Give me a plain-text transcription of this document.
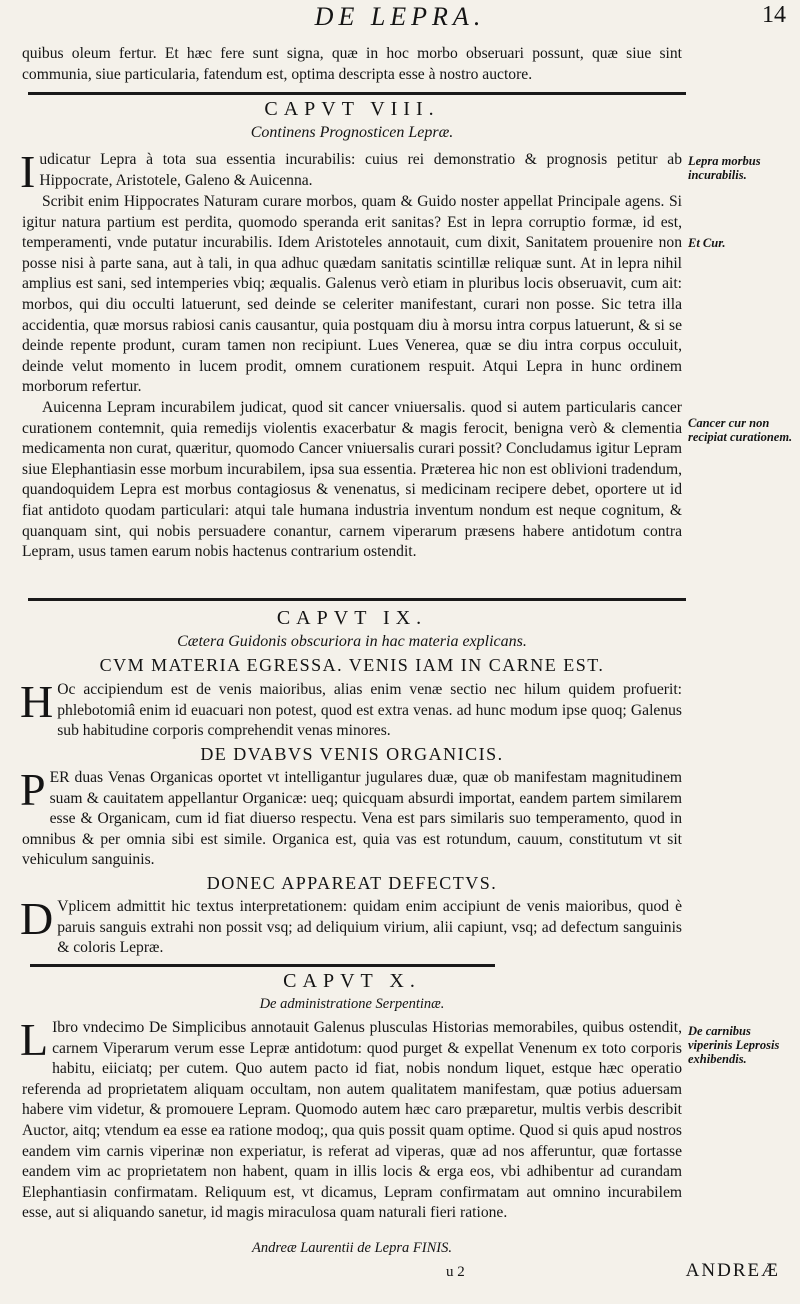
DE LEPRA.	14

quibus oleum fertur. Et hæc fere sunt signa, quæ in hoc morbo obseruari possunt, quæ siue sint communia, siue particularia, fatendum est, optima descripta esse à nostro auctore.

CAPVT VIII.
Continens Prognosticen Lepræ.

Iudicatur Lepra à tota sua essentia incurabilis: cuius rei demonstratio & prognosis petitur ab Hippocrate, Aristotele, Galeno & Auicenna.

Scribit enim Hippocrates Naturam curare morbos, quam & Guido noster appellat Principale agens. Si igitur natura partium est perdita, quomodo speranda erit sanitas? Est in lepra corruptio formæ, id est, temperamenti, vnde putatur incurabilis. Idem Aristoteles annotauit, cum dixit, Sanitatem prouenire non posse nisi à parte sana, aut à tali, in qua adhuc quædam sanitatis scintillæ reliquæ sunt. At in lepra nihil amplius est sani, sed intemperies vbiq; æqualis. Galenus verò etiam in pluribus locis obseruavit, cum ait: morbos, qui diu occulti latuerunt, sed deinde se celeriter manifestant, curari non posse. Sic tetra illa accidentia, quæ morsus rabiosi canis causantur, quia postquam diu à morsu intra corpus latuerunt, & si se deinde repente produnt, curam tamen non recipiunt. Lues Venerea, quæ se diu intra corpus occuluit, deinde velut momento in lucem prodit, omnem curationem respuit. Atqui Lepra in hunc ordinem morborum refertur.

Auicenna Lepram incurabilem judicat, quod sit cancer vniuersalis. quod si autem particularis cancer curationem contemnit, quia remedijs violentis exacerbatur & magis ferocit, benigna verò & clementia medicamenta non curat, quæritur, quomodo Cancer vniuersalis curari possit? Concludamus igitur Lepram siue Elephantiasin esse morbum incurabilem, ipsa sua essentia. Præterea hic non est oblivioni tradendum, quandoquidem Lepra est morbus contagiosus & venenatus, si medicinam recipere debet, oportere ut id fiat antidoto quodam particulari: atqui tale humana industria inventum nondum est neque cognitum, & quanquam sint, qui nobis persuadere conantur, carnem viperarum præsens habere antidotum contra Lepram, usus tamen earum nobis hactenus contrarium ostendit.

Lepra morbus incurabilis.
Et Cur.
Cancer cur non recipiat curationem.
CAPVT IX.
Cætera Guidonis obscuriora in hac materia explicans.
CVM MATERIA EGRESSA. VENIS IAM IN CARNE EST.

H Oc accipiendum est de venis maioribus, alias enim venæ sectio nec hilum quidem profuerit: phlebotomiâ enim id euacuari non potest, quod est extra venas. ad hunc modum ipse quoq; Galenus sub habitudine corporis comprehendit venas minores.

DE DVABVS VENIS ORGANICIS.

PER duas Venas Organicas oportet vt intelligantur jugulares duæ, quæ ob manifestam magnitudinem suam & cauitatem appellantur Organicæ: ueq; quicquam absurdi importat, eandem partem similarem esse & Organicam, cum id fiat diuerso respectu. Vena est pars similaris suo temperamento, quod in omnibus & per omnia sibi est simile. Organica est, quia vas est rotundum, cauum, constitutum vt sit vehiculum sanguinis.

DONEC APPAREAT DEFECTVS.

D Vplicem admittit hic textus interpretationem: quidam enim accipiunt de venis maioribus, quod è paruis sanguis extrahi non possit vsq; ad deliquium virium, alii capiunt, vsq; ad defectum sanguinis & coloris Lepræ.

CAPVT X.
De administratione Serpentinæ.

L Ibro vndecimo De Simplicibus annotauit Galenus plusculas Historias memorabiles, quibus ostendit, carnem Viperarum verum esse Lepræ antidotum: quod purget & expellat Venenum ex toto corporis habitu, eiiciatq; per cutem. Quo autem pacto id fiat, nobis nondum liquet, estque hæc operatio referenda ad proprietatem aliquam occultam, non autem qualitatem manifestam, quæ potius aduersam habere vim videtur, & promouere Lepram. Quomodo autem hæc caro præparetur, multis verbis describit Auctor, aitq; vtendum ea esse ea ratione modoq;, qua quis possit quam optime. Quod si quis apud nostros eandem vim carnis viperinæ non experiatur, is referat ad viperas, quæ ad nos afferuntur, quæ fortasse eandem vim ac proprietatem non habent, quam in illis locis & erga eos, vbi adhibentur ad curandam Elephantiasin confirmatam. Reliquum est, vt dicamus, Lepram confirmatam aut omnino incurabilem esse, aut si aliquando sanetur, id magis miraculosa quam naturali fieri ratione.

De carnibus viperinis Leprosis exhibendis.
Andreæ Laurentii de Lepra FINIS.
u 2	ANDREÆ
